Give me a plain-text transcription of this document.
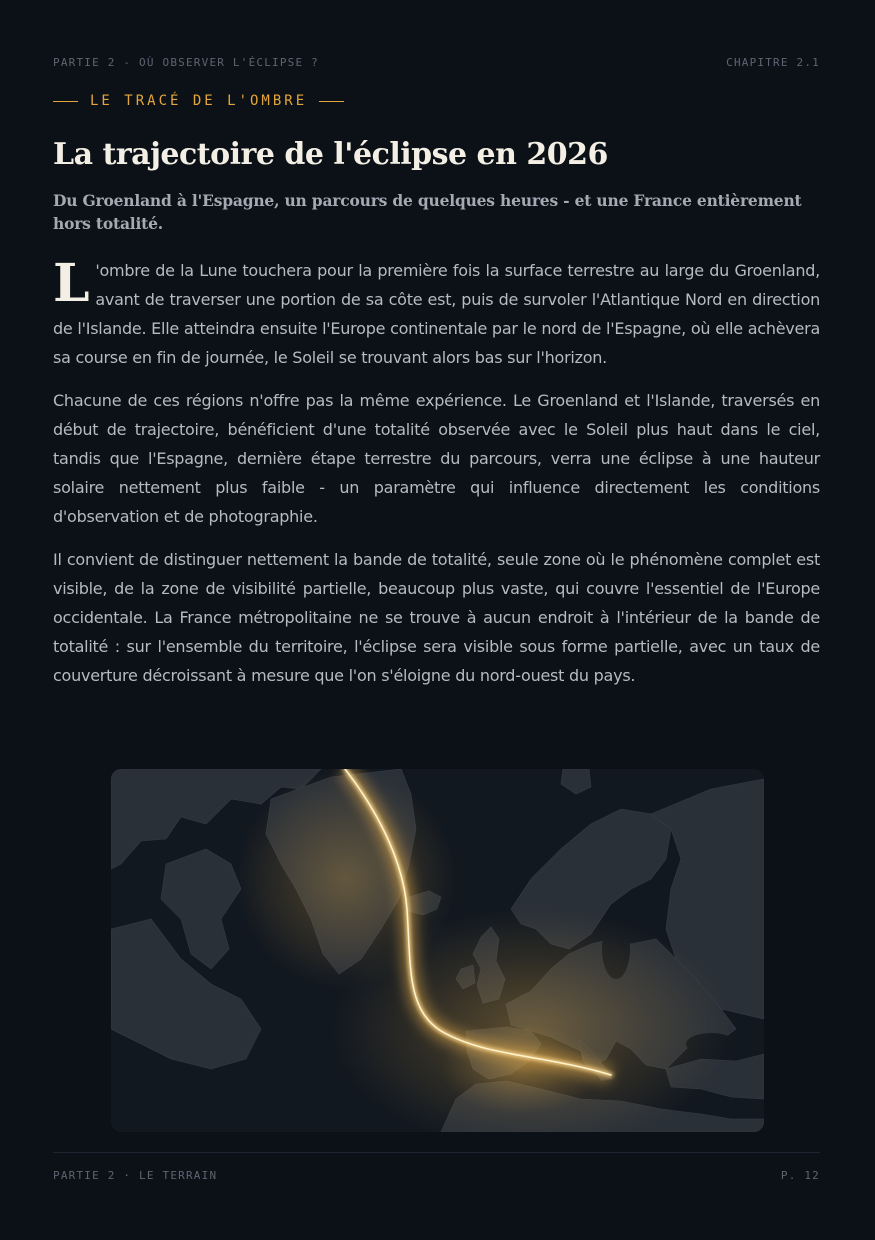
PARTIE 2 - OÙ OBSERVER L'ÉCLIPSE ?	CHAPITRE 2.1
LE TRACÉ DE L'OMBRE
La trajectoire de l'éclipse en 2026

Du Groenland à l'Espagne, un parcours de quelques heures - et une France entièrement hors totalité.

L 'ombre de la Lune touchera pour la première fois la surface terrestre au large du Groenland, avant de traverser une portion de sa côte est, puis de survoler l'Atlantique Nord en direction de l'Islande. Elle atteindra ensuite l'Europe continentale par le nord de l'Espagne, où elle achèvera sa course en fin de journée, le Soleil se trouvant alors bas sur l'horizon.

Chacune de ces régions n'offre pas la même expérience. Le Groenland et l'Islande, traversés en début de trajectoire, bénéficient d'une totalité observée avec le Soleil plus haut dans le ciel, tandis que l'Espagne, dernière étape terrestre du parcours, verra une éclipse à une hauteur solaire nettement plus faible - un paramètre qui influence directement les conditions d'observation et de photographie.

Il convient de distinguer nettement la bande de totalité, seule zone où le phénomène complet est visible, de la zone de visibilité partielle, beaucoup plus vaste, qui couvre l'essentiel de l'Europe occidentale. La France métropolitaine ne se trouve à aucun endroit à l'intérieur de la bande de totalité : sur l'ensemble du territoire, l'éclipse sera visible sous forme partielle, avec un taux de couverture décroissant à mesure que l'on s'éloigne du nord-ouest du pays.

PARTIE 2 · LE TERRAIN	P. 12
